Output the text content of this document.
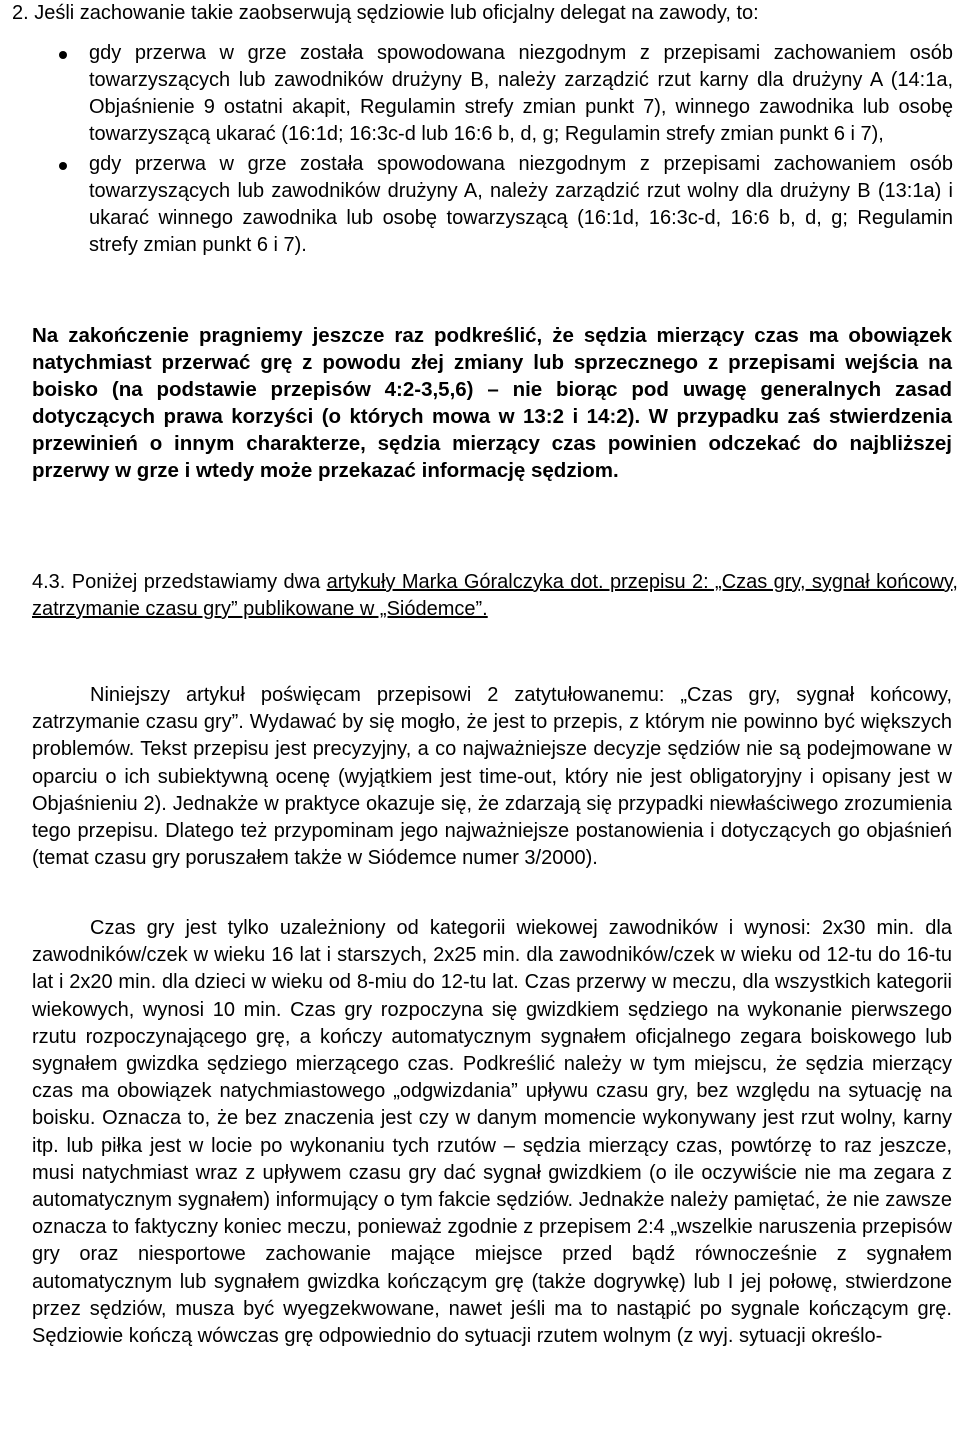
2. Jeśli zachowanie takie zaobserwują sędziowie lub oficjalny delegat na zawody, to:
gdy przerwa w grze została spowodowana niezgodnym z przepisami zachowaniem osób towarzyszących lub zawodników drużyny B, należy zarządzić rzut karny dla drużyny A (14:1a, Objaśnienie 9 ostatni akapit, Regulamin strefy zmian punkt 7), winnego zawodnika lub osobę towarzyszącą ukarać (16:1d; 16:3c-d lub 16:6 b, d, g; Regulamin strefy zmian punkt 6 i 7),
gdy przerwa w grze została spowodowana niezgodnym z przepisami zachowaniem osób towarzyszących lub zawodników drużyny A, należy zarządzić rzut wolny dla drużyny B (13:1a) i ukarać winnego zawodnika lub osobę towarzyszącą (16:1d, 16:3c-d, 16:6 b, d, g; Regulamin strefy zmian punkt 6 i 7).
Na zakończenie pragniemy jeszcze raz podkreślić, że sędzia mierzący czas ma obowiązek natychmiast przerwać grę z powodu złej zmiany lub sprzecznego z przepisami wejścia na boisko (na podstawie przepisów 4:2-3,5,6) – nie biorąc pod uwagę generalnych zasad dotyczących prawa korzyści (o których mowa w 13:2 i 14:2). W przypadku zaś stwierdzenia przewinień o innym charakterze, sędzia mierzący czas powinien odczekać do najbliższej przerwy w grze i wtedy może przekazać informację sędziom.
4.3. Poniżej przedstawiamy dwa artykuły Marka Góralczyka dot. przepisu 2: „Czas gry, sygnał końcowy, zatrzymanie czasu gry” publikowane w „Siódemce”.
Niniejszy artykuł poświęcam przepisowi 2 zatytułowanemu: „Czas gry, sygnał końcowy, zatrzymanie czasu gry”. Wydawać by się mogło, że jest to przepis, z którym nie powinno być większych problemów. Tekst przepisu jest precyzyjny, a co najważniejsze decyzje sędziów nie są podejmowane w oparciu o ich subiektywną ocenę (wyjątkiem jest time-out, który nie jest obligatoryjny i opisany jest w Objaśnieniu 2). Jednakże w praktyce okazuje się, że zdarzają się przypadki niewłaściwego zrozumienia tego przepisu. Dlatego też przypominam jego najważniejsze postanowienia i dotyczących go objaśnień (temat czasu gry poruszałem także w Siódemce numer 3/2000).
Czas gry jest tylko uzależniony od kategorii wiekowej zawodników i wynosi: 2x30 min. dla zawodników/czek w wieku 16 lat i starszych, 2x25 min. dla zawodników/czek w wieku od 12-tu do 16-tu lat i 2x20 min. dla dzieci w wieku od 8-miu do 12-tu lat. Czas przerwy w meczu, dla wszystkich kategorii wiekowych, wynosi 10 min. Czas gry rozpoczyna się gwizdkiem sędziego na wykonanie pierwszego rzutu rozpoczynającego grę, a kończy automatycznym sygnałem oficjalnego zegara boiskowego lub sygnałem gwizdka sędziego mierzącego czas. Podkreślić należy w tym miejscu, że sędzia mierzący czas ma obowiązek natychmiastowego „odgwizdania” upływu czasu gry, bez względu na sytuację na boisku. Oznacza to, że bez znaczenia jest czy w danym momencie wykonywany jest rzut wolny, karny itp. lub piłka jest w locie po wykonaniu tych rzutów – sędzia mierzący czas, powtórzę to raz jeszcze, musi natychmiast wraz z upływem czasu gry dać sygnał gwizdkiem (o ile oczywiście nie ma zegara z automatycznym sygnałem) informujący o tym fakcie sędziów. Jednakże należy pamiętać, że nie zawsze oznacza to faktyczny koniec meczu, ponieważ zgodnie z przepisem 2:4 „wszelkie naruszenia przepisów gry oraz niesportowe zachowanie mające miejsce przed bądź równocześnie z sygnałem automatycznym lub sygnałem gwizdka kończącym grę (także dogrywkę) lub I jej połowę, stwierdzone przez sędziów, musza być wyegzekwowane, nawet jeśli ma to nastąpić po sygnale kończącym grę. Sędziowie kończą wówczas grę odpowiednio do sytuacji rzutem wolnym (z wyj. sytuacji określo-
